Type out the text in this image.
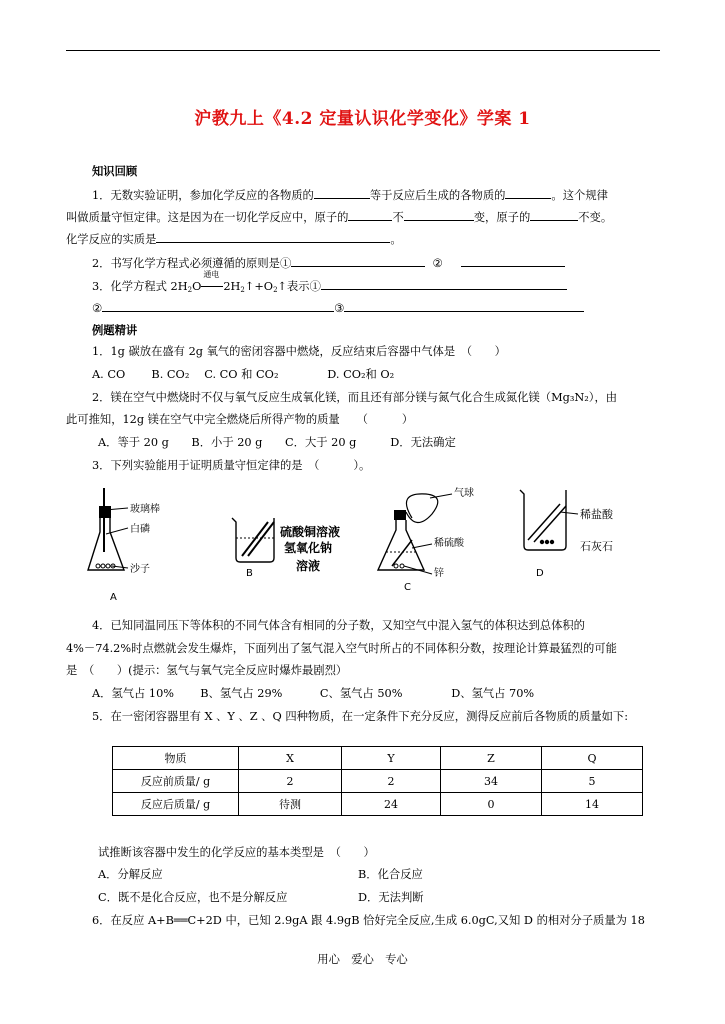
沪教九上《4.2 定量认识化学变化》学案 1
知识回顾
1．无数实验证明，参加化学反应的各物质的	等于反应后生成的各物质的	。这个规律
叫做质量守恒定律。这是因为在一切化学反应中，原子的	不	变，原子的	不变。
化学反应的实质是	。
2．书写化学方程式必须遵循的原则是①	②
3．化学方程式 $2H_2O$
通电
$2H_2↑+O_2↑$表示①
②	③
例题精讲
1．1g 碳放在盛有 2g 氧气的密闭容器中燃烧，反应结束后容器中气体是　（　　）
A. CO　　 B. CO₂　 C. CO 和 CO₂　　　　 D. CO₂和 O₂
2．镁在空气中燃烧时不仅与氧气反应生成氧化镁，而且还有部分镁与氮气化合生成氮化镁（Mg₃N₂），由
此可推知，12g 镁在空气中完全燃烧后所得产物的质量　　（　　　）
A．等于 20 g　　B．小于 20 g　　C．大于 20 g　　　D．无法确定
3．下列实验能用于证明质量守恒定律的是　（　　　）。
玻璃棒
白磷
沙子
A
硫酸铜溶液
氢氧化钠
溶液
B
气球
稀硫酸
锌
C
稀盐酸
石灰石
D
4．已知同温同压下等体积的不同气体含有相同的分子数，又知空气中混入氢气的体积达到总体积的
4%－74.2%时点燃就会发生爆炸，下面列出了氢气混入空气时所占的不同体积分数，按理论计算最猛烈的可能
是　（　　）(提示：氢气与氧气完全反应时爆炸最剧烈）
A．氢气占 10%　　 B、氢气占 29%　　　 C、氢气占 50%　　　　 D、氢气占 70%
5．在一密闭容器里有 X 、Y 、Z 、Q 四种物质，在一定条件下充分反应，测得反应前后各物质的质量如下:
物质	X	Y	Z	Q
反应前质量/ g	2	2	34	5
反应后质量/ g	待测	24	0	14
试推断该容器中发生的化学反应的基本类型是　（　　）
A．分解反应	B．化合反应
C．既不是化合反应，也不是分解反应	D．无法判断
6．在反应 A+B══C+2D 中，已知 2.9gA 跟 4.9gB 恰好完全反应,生成 6.0gC,又知 D 的相对分子质量为 18
用心　爱心　专心
